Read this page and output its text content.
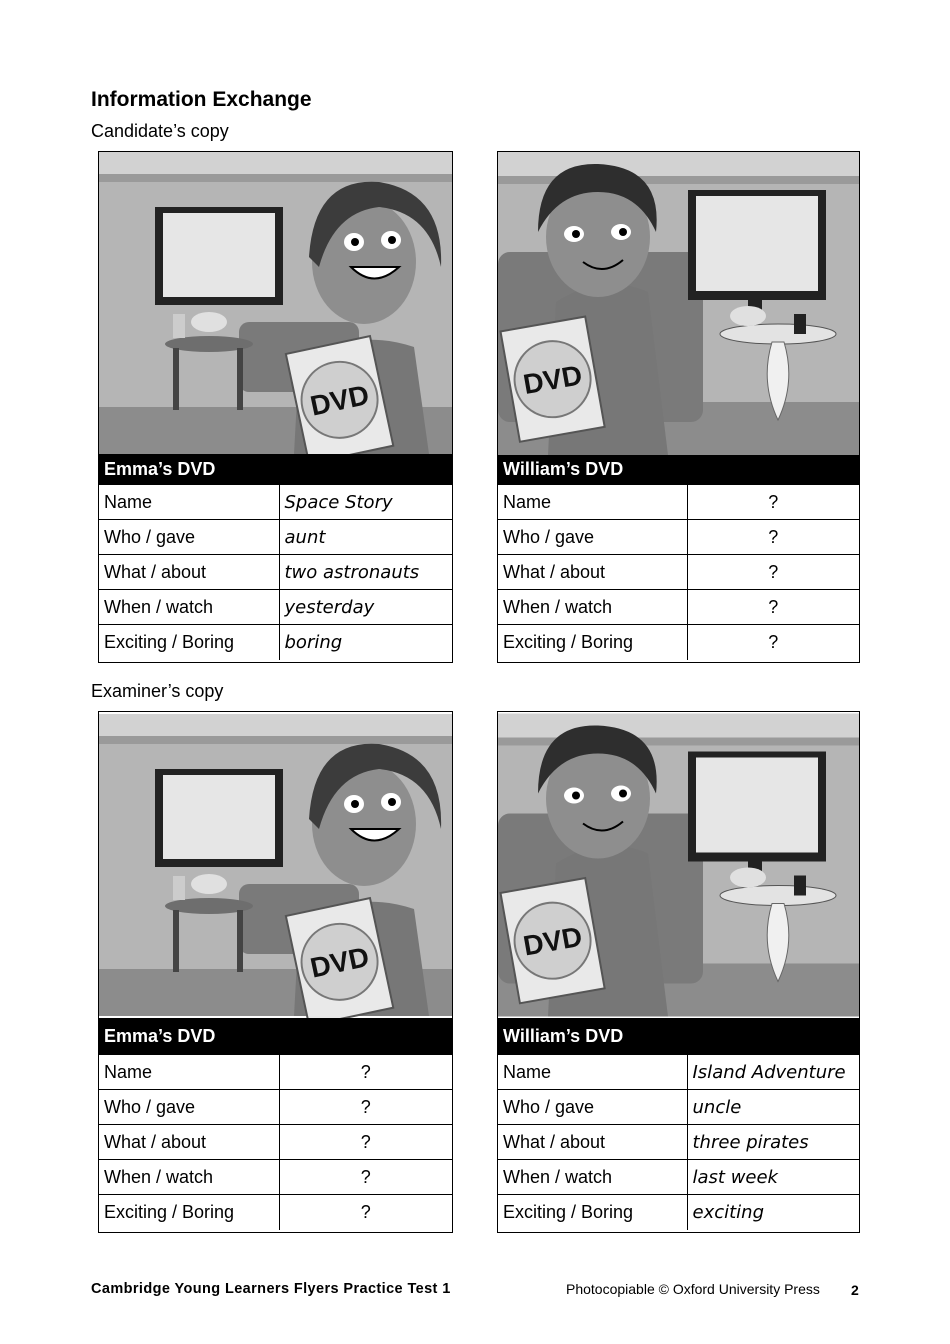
Information Exchange
Candidate’s copy
Examiner’s copy
DVD
Emma’s DVD
Name	Space Story
Who / gave	aunt
What / about	two astronauts
When / watch	yesterday
Exciting / Boring	boring
DVD
William’s DVD
Name	?
Who / gave	?
What / about	?
When / watch	?
Exciting / Boring	?
DVD
Emma’s DVD
Name	?
Who / gave	?
What / about	?
When / watch	?
Exciting / Boring	?
DVD
William’s DVD
Name	Island Adventure
Who / gave	uncle
What / about	three pirates
When / watch	last week
Exciting / Boring	exciting
Cambridge Young Learners Flyers Practice Test 1	Photocopiable © Oxford University Press 2
